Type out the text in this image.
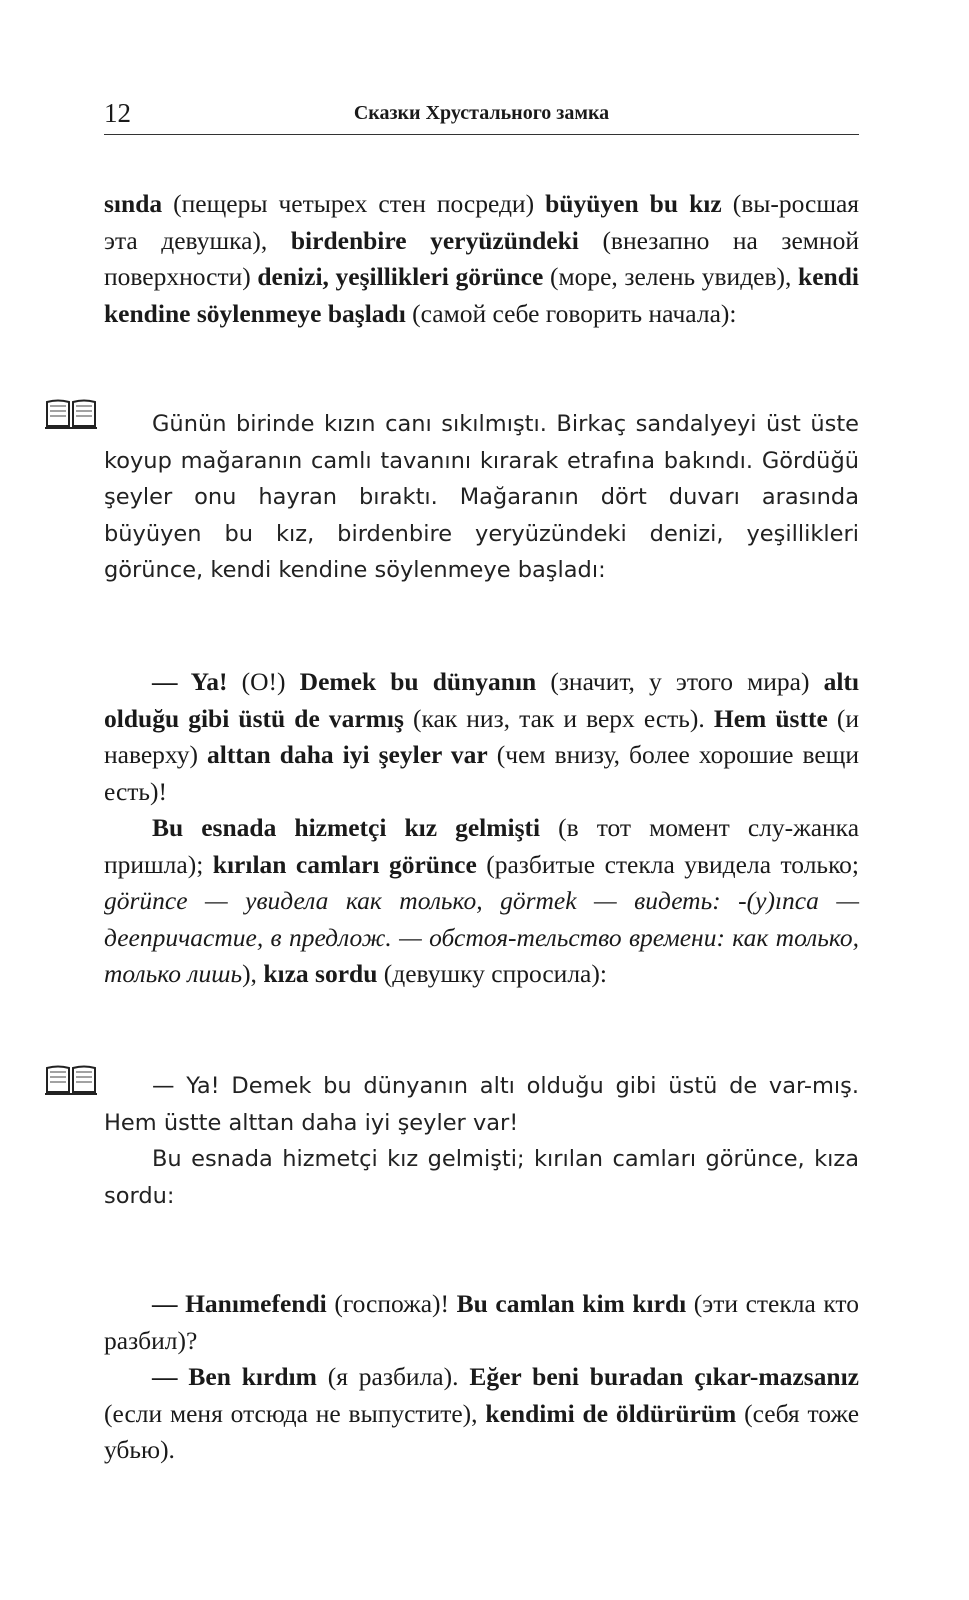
12	Сказки Хрустального замка

sında (пещеры четырех стен посреди) büyüyen bu kız (вы-росшая эта девушка), birdenbire yeryüzündeki (внезапно на земной поверхности) denizi, yeşillikleri görünce (море, зелень увидев), kendi kendine söylenmeye başladı (самой себе говорить начала):

Günün birinde kızın canı sıkılmıştı. Birkaç sandalyeyi üst üste koyup mağaranın camlı tavanını kırarak etrafına bakındı. Gördüğü şeyler onu hayran bıraktı. Mağaranın dört duvarı arasında büyüyen bu kız, birdenbire yeryüzündeki denizi, yeşillikleri görünce, kendi kendine söylenmeye başladı:

— Ya! (О!) Demek bu dünyanın (значит, у этого мира) altı olduğu gibi üstü de varmış (как низ, так и верх есть). Hem üstte (и наверху) alttan daha iyi şeyler var (чем внизу, более хорошие вещи есть)!

Bu esnada hizmetçi kız gelmişti (в тот момент слу-жанка пришла); kırılan camları görünce (разбитые стекла увидела только; görünce — увидела как только, görmek — видеть: -(y)ınca — деепричастие, в предлож. — обстоя-тельство времени: как только, только лишь), kıza sordu (девушку спросила):

— Ya! Demek bu dünyanın altı olduğu gibi üstü de var-mış. Hem üstte alttan daha iyi şeyler var!

Bu esnada hizmetçi kız gelmişti; kırılan camları görünce, kıza sordu:

— Hanımefendi (госпожа)! Bu camlan kim kırdı (эти стекла кто разбил)?

— Ben kırdım (я разбила). Eğer beni buradan çıkar-mazsanız (если меня отсюда не выпустите), kendimi de öldürürüm (себя тоже убью).
